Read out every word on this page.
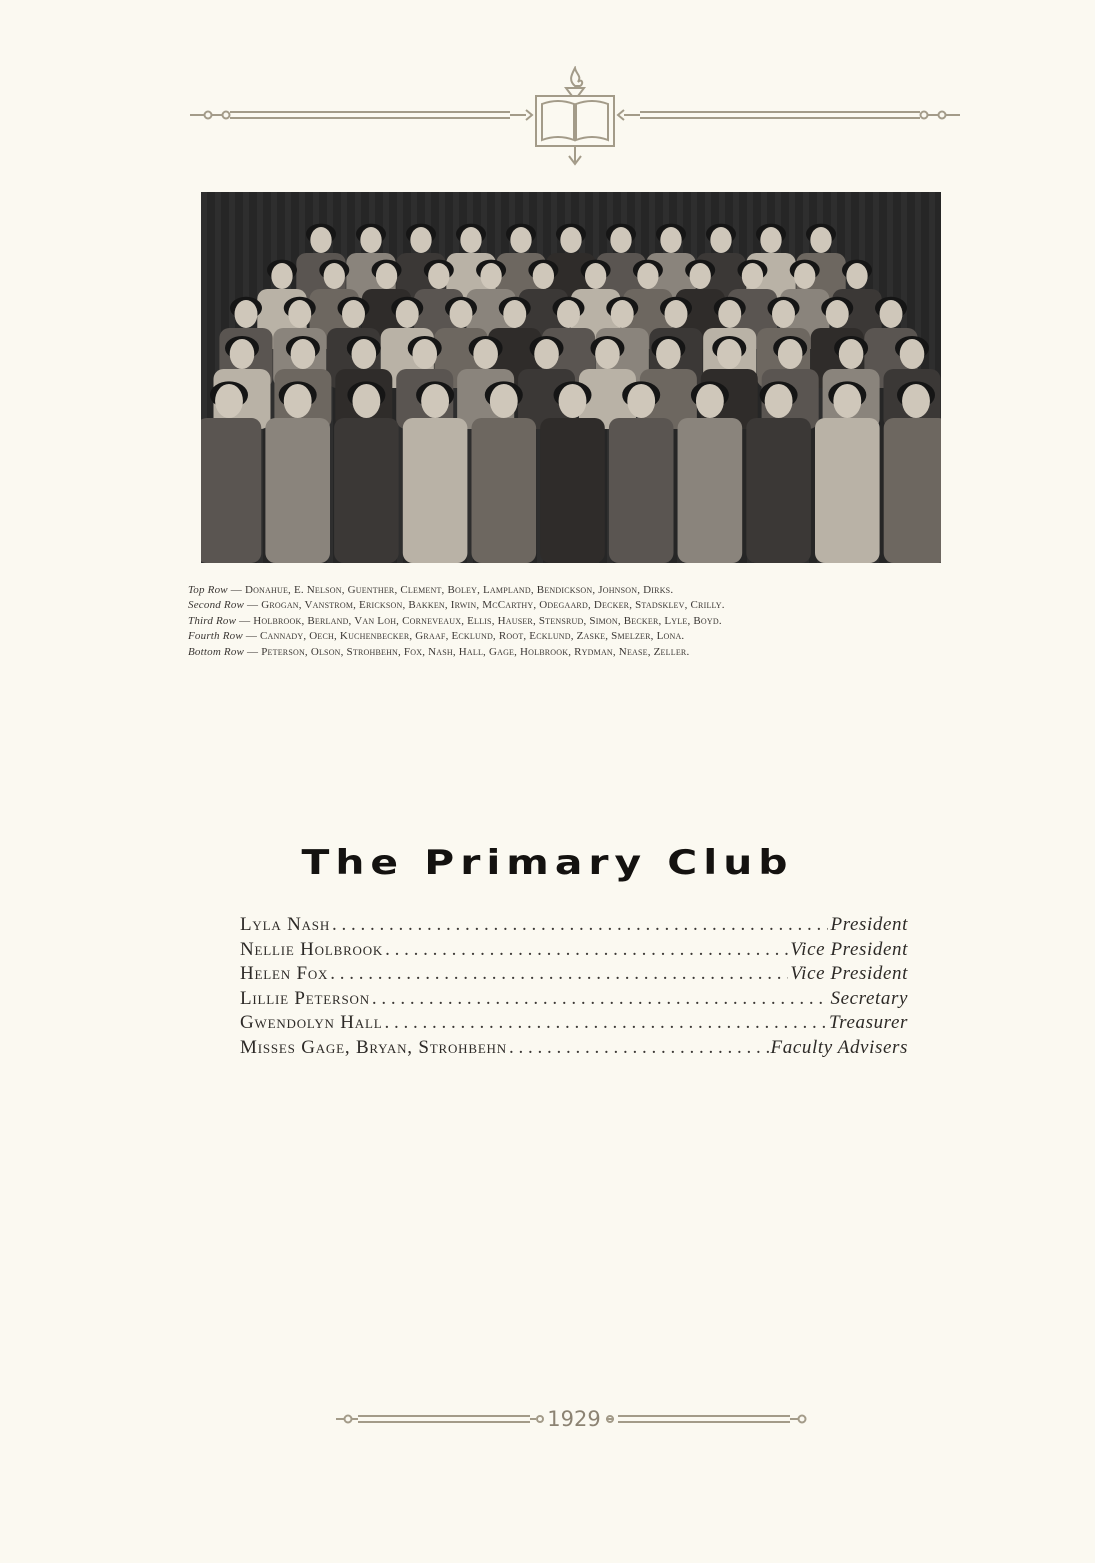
Top Row — Donahue, E. Nelson, Guenther, Clement, Boley, Lampland, Bendickson, Johnson, Dirks.
Second Row — Grogan, Vanstrom, Erickson, Bakken, Irwin, McCarthy, Odegaard, Decker, Stadsklev, Crilly.
Third Row — Holbrook, Berland, Van Loh, Corneveaux, Ellis, Hauser, Stensrud, Simon, Becker, Lyle, Boyd.
Fourth Row — Cannady, Oech, Kuchenbecker, Graaf, Ecklund, Root, Ecklund, Zaske, Smelzer, Lona.
Bottom Row — Peterson, Olson, Strohbehn, Fox, Nash, Hall, Gage, Holbrook, Rydman, Nease, Zeller.
The Primary Club
Lyla Nash . . .	President
Nellie Holbrook . . .	Vice President
Helen Fox . . .	Vice President
Lillie Peterson . . .	Secretary
Gwendolyn Hall . . .	Treasurer
Misses Gage, Bryan, Strohbehn . . .	Faculty Advisers
1929
